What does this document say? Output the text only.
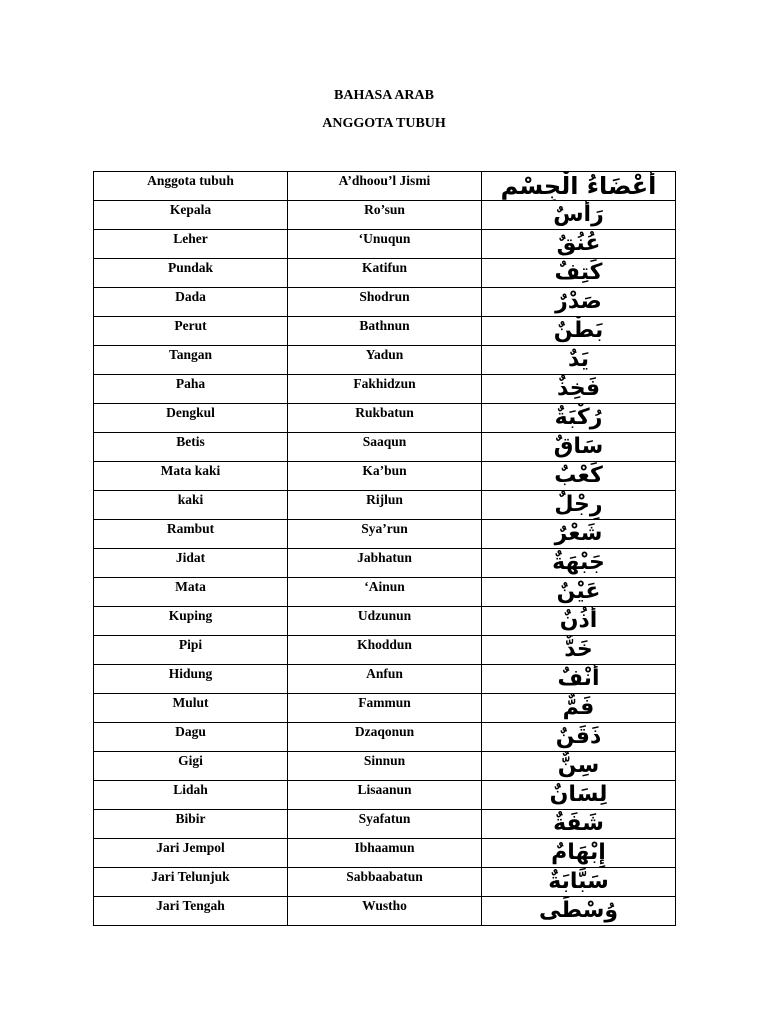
BAHASA ARAB
ANGGOTA TUBUH
Anggota tubuh	A’dhoou’l Jismi	أَعْضَاءُ الْجِسْمِ
Kepala	Ro’sun	رَأْسٌ
Leher	‘Unuqun	عُنُقٌ
Pundak	Katifun	كَتِفٌ
Dada	Shodrun	صَدْرٌ
Perut	Bathnun	بَطْنٌ
Tangan	Yadun	يَدٌ
Paha	Fakhidzun	فَخِذٌ
Dengkul	Rukbatun	رُكْبَةٌ
Betis	Saaqun	سَاقٌ
Mata kaki	Ka’bun	كَعْبٌ
kaki	Rijlun	رِجْلٌ
Rambut	Sya’run	شَعْرٌ
Jidat	Jabhatun	جَبْهَةٌ
Mata	‘Ainun	عَيْنٌ
Kuping	Udzunun	أُذُنٌ
Pipi	Khoddun	خَدٌّ
Hidung	Anfun	أَنْفٌ
Mulut	Fammun	فَمٌّ
Dagu	Dzaqonun	ذَقَنٌ
Gigi	Sinnun	سِنٌّ
Lidah	Lisaanun	لِسَانٌ
Bibir	Syafatun	شَفَةٌ
Jari Jempol	Ibhaamun	إِبْهَامٌ
Jari Telunjuk	Sabbaabatun	سَبَّابَةٌ
Jari Tengah	Wustho	وُسْطَى
